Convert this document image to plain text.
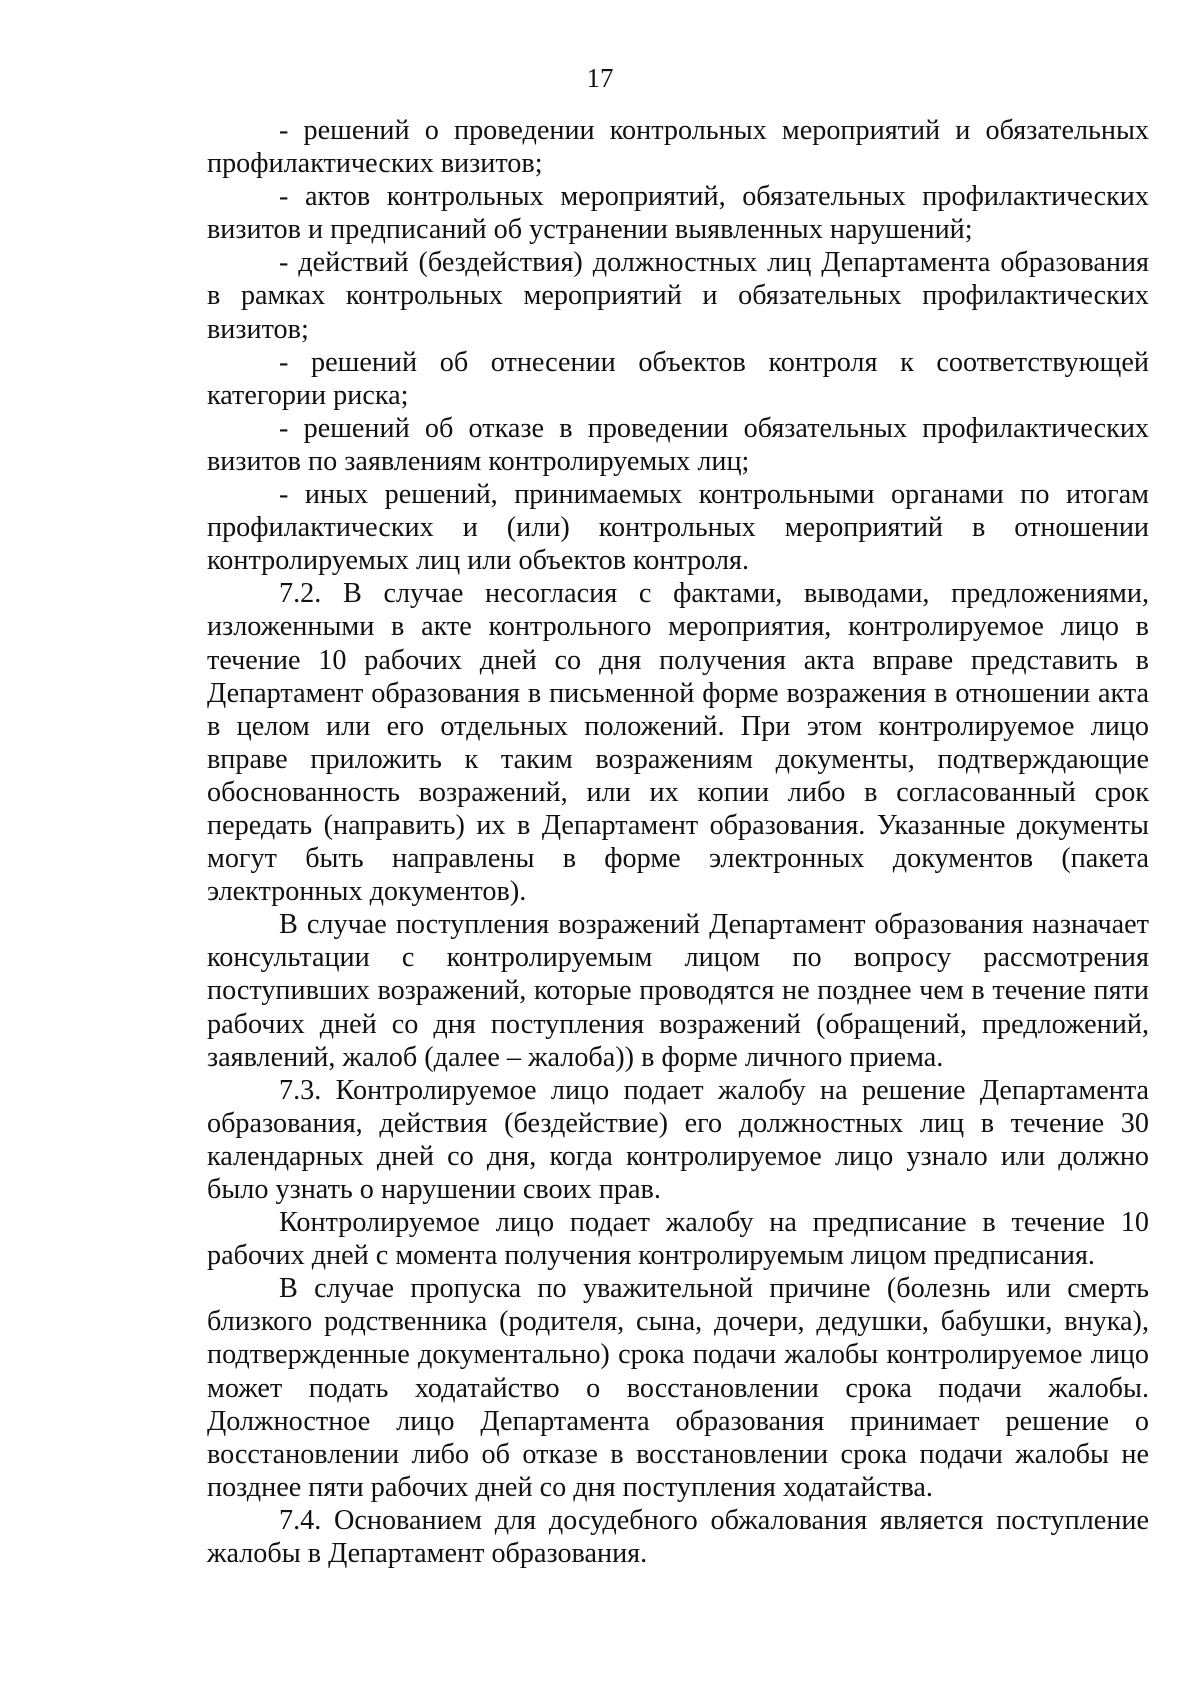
17

- решений о проведении контрольных мероприятий и обязательных профилактических визитов;

- актов контрольных мероприятий, обязательных профилактических визитов и предписаний об устранении выявленных нарушений;

- действий (бездействия) должностных лиц Департамента образования в рамках контрольных мероприятий и обязательных профилактических визитов;

- решений об отнесении объектов контроля к соответствующей категории риска;

- решений об отказе в проведении обязательных профилактических визитов по заявлениям контролируемых лиц;

- иных решений, принимаемых контрольными органами по итогам профилактических и (или) контрольных мероприятий в отношении контролируемых лиц или объектов контроля.

7.2. В случае несогласия с фактами, выводами, предложениями, изложенными в акте контрольного мероприятия, контролируемое лицо в течение 10 рабочих дней со дня получения акта вправе представить в Департамент образования в письменной форме возражения в отношении акта в целом или его отдельных положений. При этом контролируемое лицо вправе приложить к таким возражениям документы, подтверждающие обоснованность возражений, или их копии либо в согласованный срок передать (направить) их в Департамент образования. Указанные документы могут быть направлены в форме электронных документов (пакета электронных документов).

В случае поступления возражений Департамент образования назначает консультации с контролируемым лицом по вопросу рассмотрения поступивших возражений, которые проводятся не позднее чем в течение пяти рабочих дней со дня поступления возражений (обращений, предложений, заявлений, жалоб (далее – жалоба)) в форме личного приема.

7.3. Контролируемое лицо подает жалобу на решение Департамента образования, действия (бездействие) его должностных лиц в течение 30 календарных дней со дня, когда контролируемое лицо узнало или должно было узнать о нарушении своих прав.

Контролируемое лицо подает жалобу на предписание в течение 10 рабочих дней с момента получения контролируемым лицом предписания.

В случае пропуска по уважительной причине (болезнь или смерть близкого родственника (родителя, сына, дочери, дедушки, бабушки, внука), подтвержденные документально) срока подачи жалобы контролируемое лицо может подать ходатайство о восстановлении срока подачи жалобы. Должностное лицо Департамента образования принимает решение о восстановлении либо об отказе в восстановлении срока подачи жалобы не позднее пяти рабочих дней со дня поступления ходатайства.

7.4. Основанием для досудебного обжалования является поступление жалобы в Департамент образования.
